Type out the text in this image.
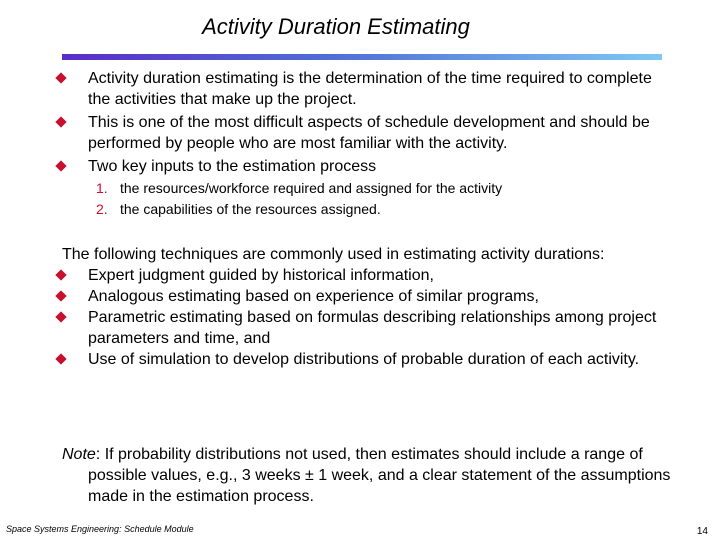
Activity Duration Estimating
Activity duration estimating is the determination of the time required to complete the activities that make up the project.
This is one of the most difficult aspects of schedule development and should be performed by people who are most familiar with the activity.
Two key inputs to the estimation process
1. the resources/workforce required and assigned for the activity
2. the capabilities of the resources assigned.

The following techniques are commonly used in estimating activity durations:

Expert judgment guided by historical information,
Analogous estimating based on experience of similar programs,
Parametric estimating based on formulas describing relationships among project parameters and time, and
Use of simulation to develop distributions of probable duration of each activity.

Note: If probability distributions not used, then estimates should include a range of possible values, e.g., 3 weeks ± 1 week, and a clear statement of the assumptions made in the estimation process.

Space Systems Engineering: Schedule Module	14
